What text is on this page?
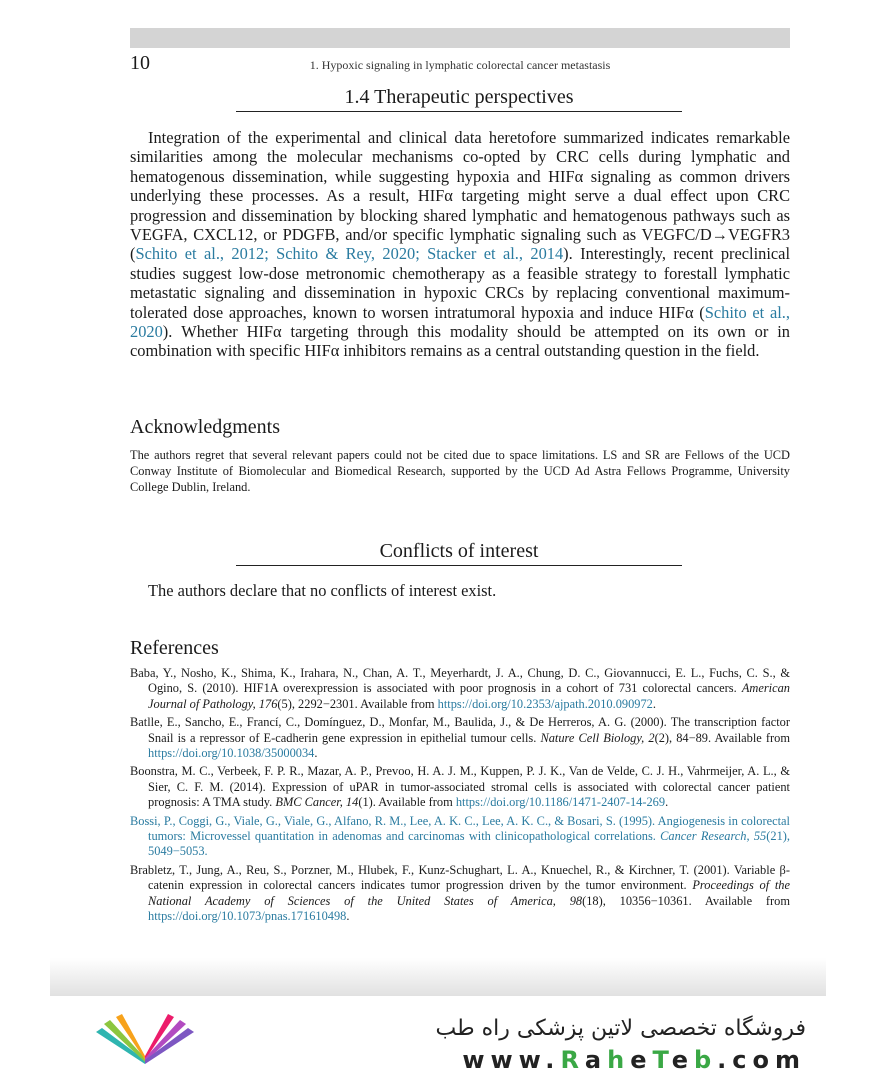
10	1. Hypoxic signaling in lymphatic colorectal cancer metastasis
1.4 Therapeutic perspectives

Integration of the experimental and clinical data heretofore summarized indicates remarkable similarities among the molecular mechanisms co-opted by CRC cells during lymphatic and hematogenous dissemination, while suggesting hypoxia and HIFα signaling as common drivers underlying these processes. As a result, HIFα targeting might serve a dual effect upon CRC progression and dissemination by blocking shared lymphatic and hematogenous pathways such as VEGFA, CXCL12, or PDGFB, and/or specific lymphatic signaling such as VEGFC/D→VEGFR3 (Schito et al., 2012; Schito & Rey, 2020; Stacker et al., 2014). Interestingly, recent preclinical studies suggest low-dose metronomic chemotherapy as a feasible strategy to forestall lymphatic metastatic signaling and dissemination in hypoxic CRCs by replacing conventional maximum-tolerated dose approaches, known to worsen intratumoral hypoxia and induce HIFα (Schito et al., 2020). Whether HIFα targeting through this modality should be attempted on its own or in combination with specific HIFα inhibitors remains as a central outstanding question in the field.

Acknowledgments

The authors regret that several relevant papers could not be cited due to space limitations. LS and SR are Fellows of the UCD Conway Institute of Biomolecular and Biomedical Research, supported by the UCD Ad Astra Fellows Programme, University College Dublin, Ireland.

Conflicts of interest
The authors declare that no conflicts of interest exist.
References
Baba, Y., Nosho, K., Shima, K., Irahara, N., Chan, A. T., Meyerhardt, J. A., Chung, D. C., Giovannucci, E. L., Fuchs, C. S., & Ogino, S. (2010). HIF1A overexpression is associated with poor prognosis in a cohort of 731 colorectal cancers. American Journal of Pathology, 176(5), 2292−2301. Available from https://doi.org/10.2353/ajpath.2010.090972.
Batlle, E., Sancho, E., Francí, C., Domínguez, D., Monfar, M., Baulida, J., & De Herreros, A. G. (2000). The transcription factor Snail is a repressor of E-cadherin gene expression in epithelial tumour cells. Nature Cell Biology, 2(2), 84−89. Available from https://doi.org/10.1038/35000034.
Boonstra, M. C., Verbeek, F. P. R., Mazar, A. P., Prevoo, H. A. J. M., Kuppen, P. J. K., Van de Velde, C. J. H., Vahrmeijer, A. L., & Sier, C. F. M. (2014). Expression of uPAR in tumor-associated stromal cells is associated with colorectal cancer patient prognosis: A TMA study. BMC Cancer, 14(1). Available from https://doi.org/10.1186/1471-2407-14-269.
Bossi, P., Coggi, G., Viale, G., Viale, G., Alfano, R. M., Lee, A. K. C., Lee, A. K. C., & Bosari, S. (1995). Angiogenesis in colorectal tumors: Microvessel quantitation in adenomas and carcinomas with clinicopathological correlations. Cancer Research, 55(21), 5049−5053.
Brabletz, T., Jung, A., Reu, S., Porzner, M., Hlubek, F., Kunz-Schughart, L. A., Knuechel, R., & Kirchner, T. (2001). Variable β-catenin expression in colorectal cancers indicates tumor progression driven by the tumor environment. Proceedings of the National Academy of Sciences of the United States of America, 98(18), 10356−10361. Available from https://doi.org/10.1073/pnas.171610498.
فروشگاه تخصصی لاتین پزشکی راه طب
www.RaheTeb.com
